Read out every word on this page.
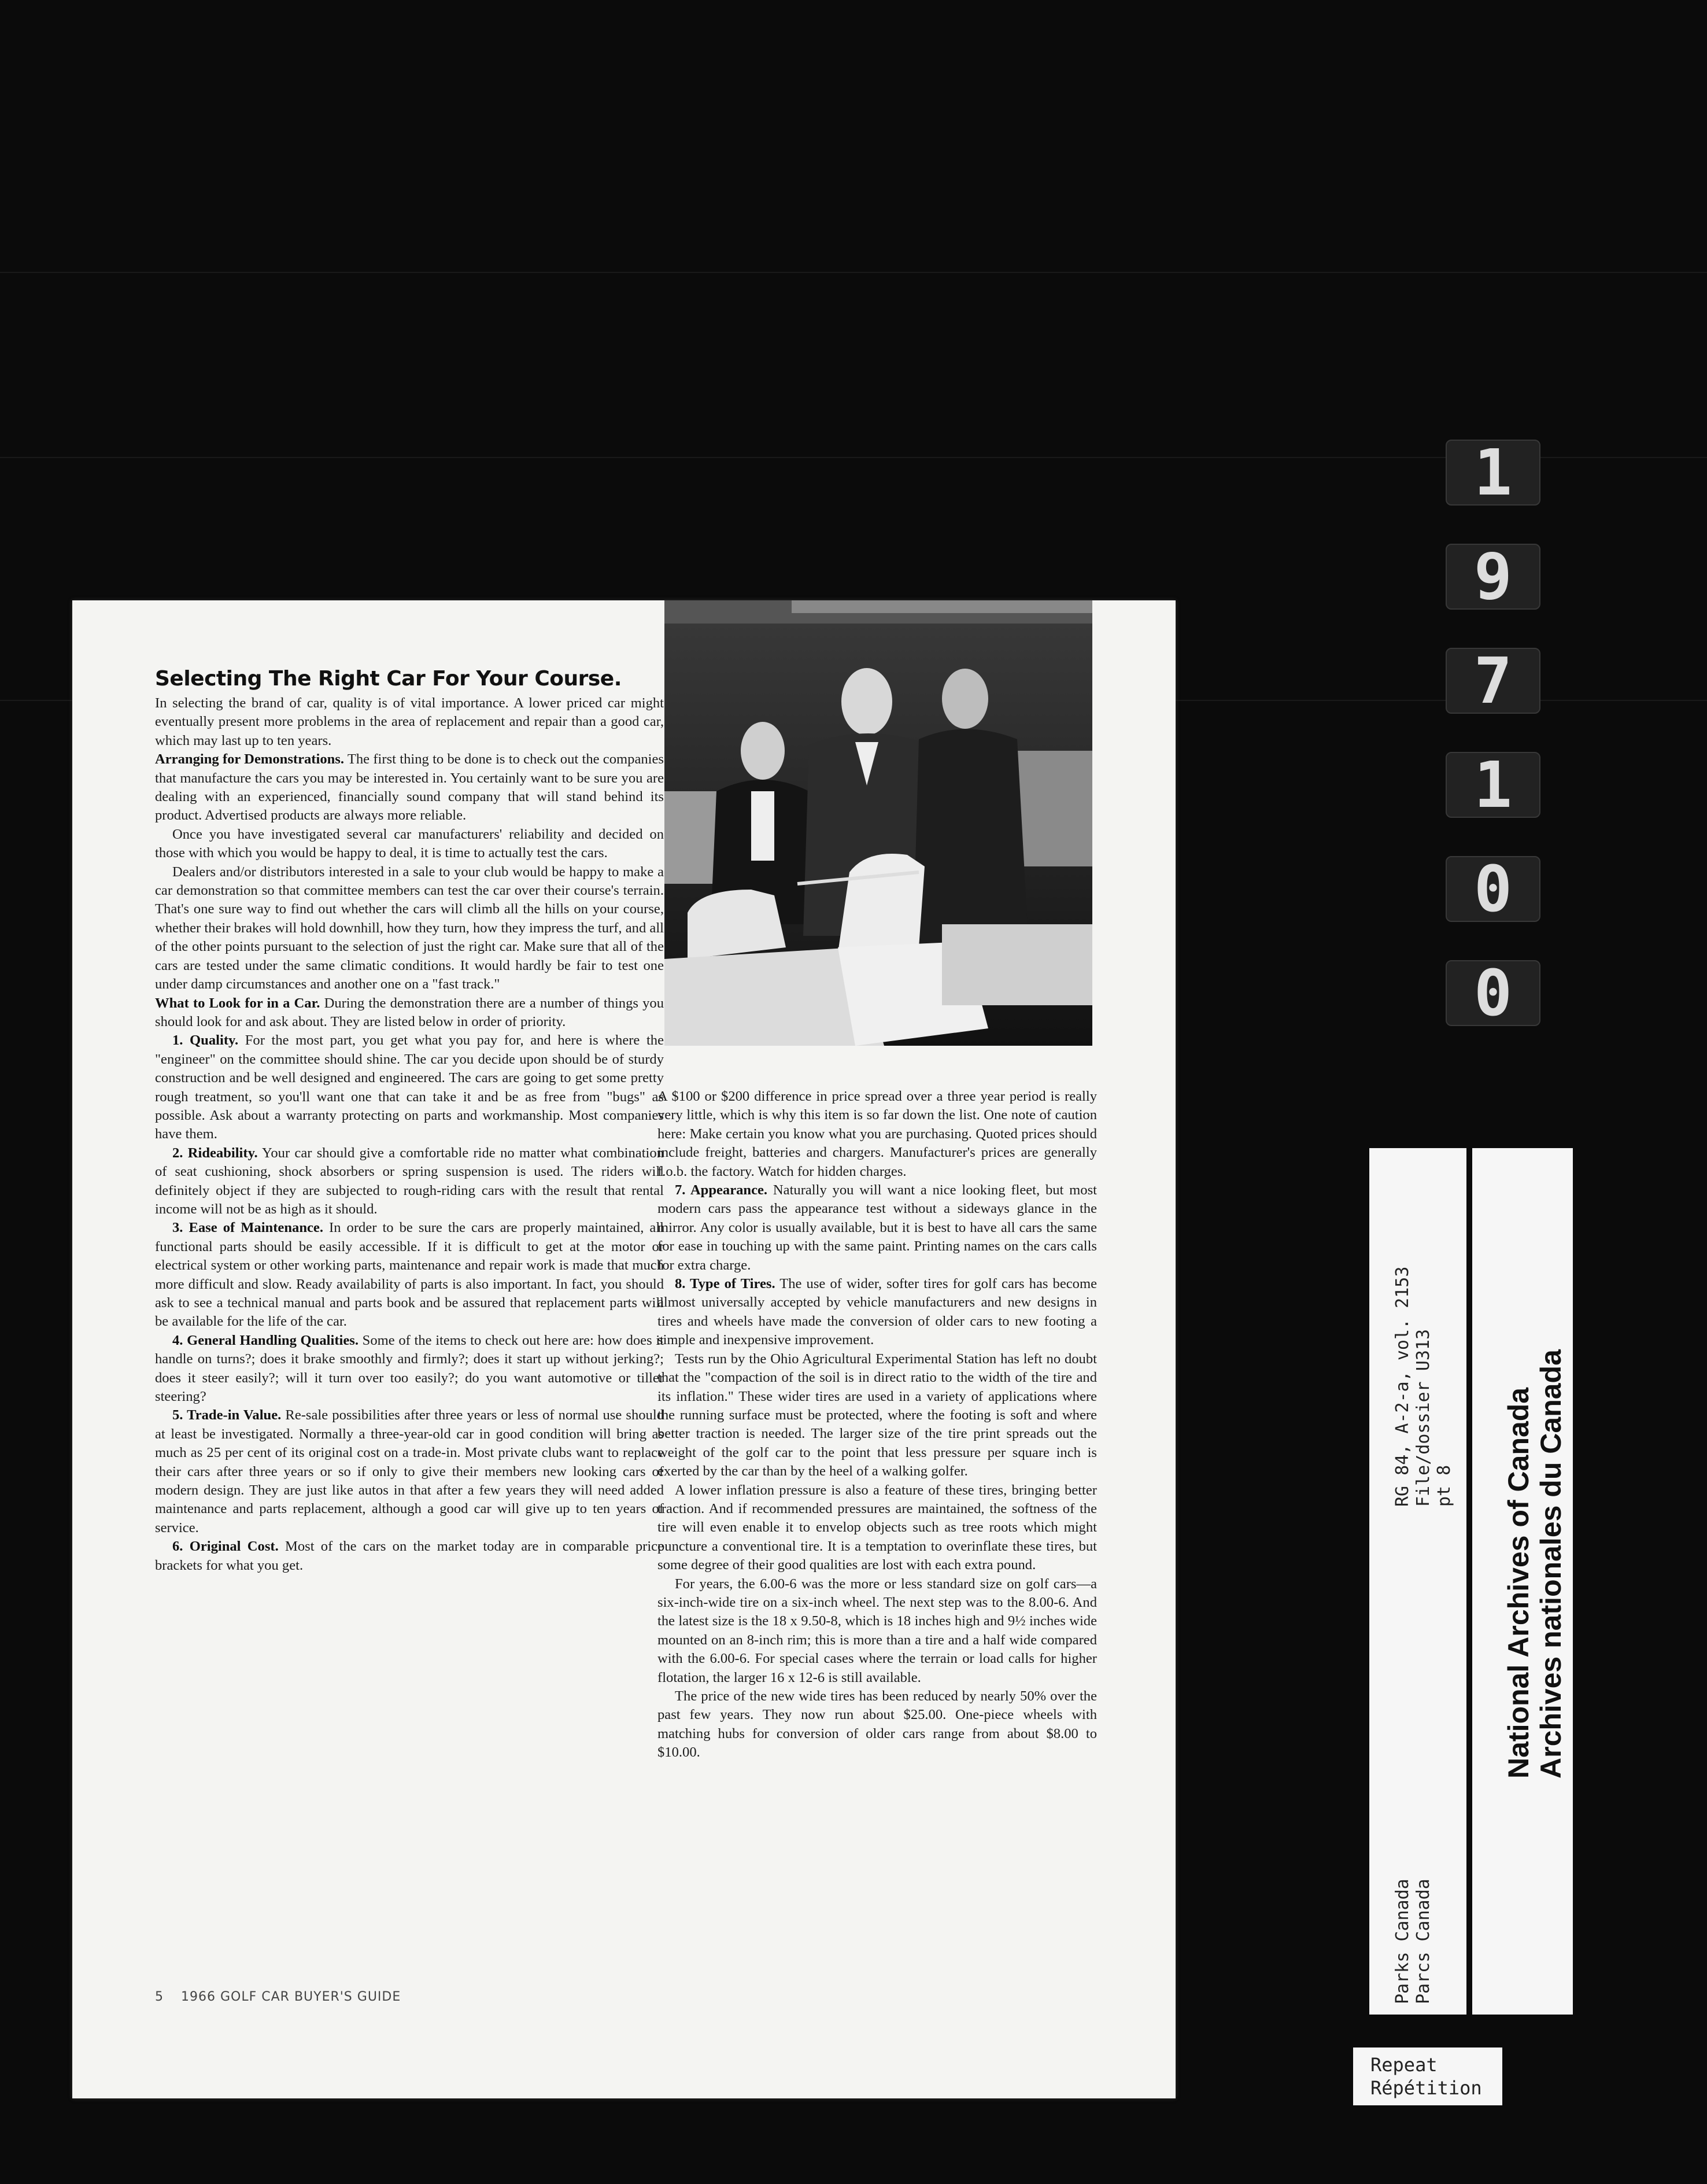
1
9
7
1
0
0
Selecting The Right Car For Your Course.

In selecting the brand of car, quality is of vital importance. A lower priced car might eventually present more problems in the area of replacement and repair than a good car, which may last up to ten years.

Arranging for Demonstrations. The first thing to be done is to check out the companies that manufacture the cars you may be interested in. You certainly want to be sure you are dealing with an experienced, financially sound company that will stand behind its product. Advertised products are always more reliable.

Once you have investigated several car manufacturers' reliability and decided on those with which you would be happy to deal, it is time to actually test the cars.

Dealers and/or distributors interested in a sale to your club would be happy to make a car demonstration so that committee members can test the car over their course's terrain. That's one sure way to find out whether the cars will climb all the hills on your course, whether their brakes will hold downhill, how they turn, how they impress the turf, and all of the other points pursuant to the selection of just the right car. Make sure that all of the cars are tested under the same climatic conditions. It would hardly be fair to test one under damp circumstances and another one on a "fast track."

What to Look for in a Car. During the demonstration there are a number of things you should look for and ask about. They are listed below in order of priority.

1. Quality. For the most part, you get what you pay for, and here is where the "engineer" on the committee should shine. The car you decide upon should be of sturdy construction and be well designed and engineered. The cars are going to get some pretty rough treatment, so you'll want one that can take it and be as free from "bugs" as possible. Ask about a warranty protecting on parts and workmanship. Most companies have them.

2. Rideability. Your car should give a comfortable ride no matter what combination of seat cushioning, shock absorbers or spring suspension is used. The riders will definitely object if they are subjected to rough-riding cars with the result that rental income will not be as high as it should.

3. Ease of Maintenance. In order to be sure the cars are properly maintained, all functional parts should be easily accessible. If it is difficult to get at the motor or electrical system or other working parts, maintenance and repair work is made that much more difficult and slow. Ready availability of parts is also important. In fact, you should ask to see a technical manual and parts book and be assured that replacement parts will be available for the life of the car.

4. General Handling Qualities. Some of the items to check out here are: how does it handle on turns?; does it brake smoothly and firmly?; does it start up without jerking?; does it steer easily?; will it turn over too easily?; do you want automotive or tiller steering?

5. Trade-in Value. Re-sale possibilities after three years or less of normal use should at least be investigated. Normally a three-year-old car in good condition will bring as much as 25 per cent of its original cost on a trade-in. Most private clubs want to replace their cars after three years or so if only to give their members new looking cars of modern design. They are just like autos in that after a few years they will need added maintenance and parts replacement, although a good car will give up to ten years of service.

6. Original Cost. Most of the cars on the market today are in comparable price brackets for what you get.

A $100 or $200 difference in price spread over a three year period is really very little, which is why this item is so far down the list. One note of caution here: Make certain you know what you are purchasing. Quoted prices should include freight, batteries and chargers. Manufacturer's prices are generally f.o.b. the factory. Watch for hidden charges.

7. Appearance. Naturally you will want a nice looking fleet, but most modern cars pass the appearance test without a sideways glance in the mirror. Any color is usually available, but it is best to have all cars the same for ease in touching up with the same paint. Printing names on the cars calls for extra charge.

8. Type of Tires. The use of wider, softer tires for golf cars has become almost universally accepted by vehicle manufacturers and new designs in tires and wheels have made the conversion of older cars to new footing a simple and inexpensive improvement.

Tests run by the Ohio Agricultural Experimental Station has left no doubt that the "compaction of the soil is in direct ratio to the width of the tire and its inflation." These wider tires are used in a variety of applications where the running surface must be protected, where the footing is soft and where better traction is needed. The larger size of the tire print spreads out the weight of the golf car to the point that less pressure per square inch is exerted by the car than by the heel of a walking golfer.

A lower inflation pressure is also a feature of these tires, bringing better traction. And if recommended pressures are maintained, the softness of the tire will even enable it to envelop objects such as tree roots which might puncture a conventional tire. It is a temptation to overinflate these tires, but some degree of their good qualities are lost with each extra pound.

For years, the 6.00-6 was the more or less standard size on golf cars—a six-inch-wide tire on a six-inch wheel. The next step was to the 8.00-6. And the latest size is the 18 x 9.50-8, which is 18 inches high and 9½ inches wide mounted on an 8-inch rim; this is more than a tire and a half wide compared with the 6.00-6. For special cases where the terrain or load calls for higher flotation, the larger 16 x 12-6 is still available.

The price of the new wide tires has been reduced by nearly 50% over the past few years. They now run about $25.00. One-piece wheels with matching hubs for conversion of older cars range from about $8.00 to $10.00.

5 1966 GOLF CAR BUYER'S GUIDE	Parks Canada Parcs Canada
RG 84, A-2-a, vol. 2153 File/dossier U313 pt 8 National Archives of Canada Archives nationales du Canada
Repeat
Répétition
